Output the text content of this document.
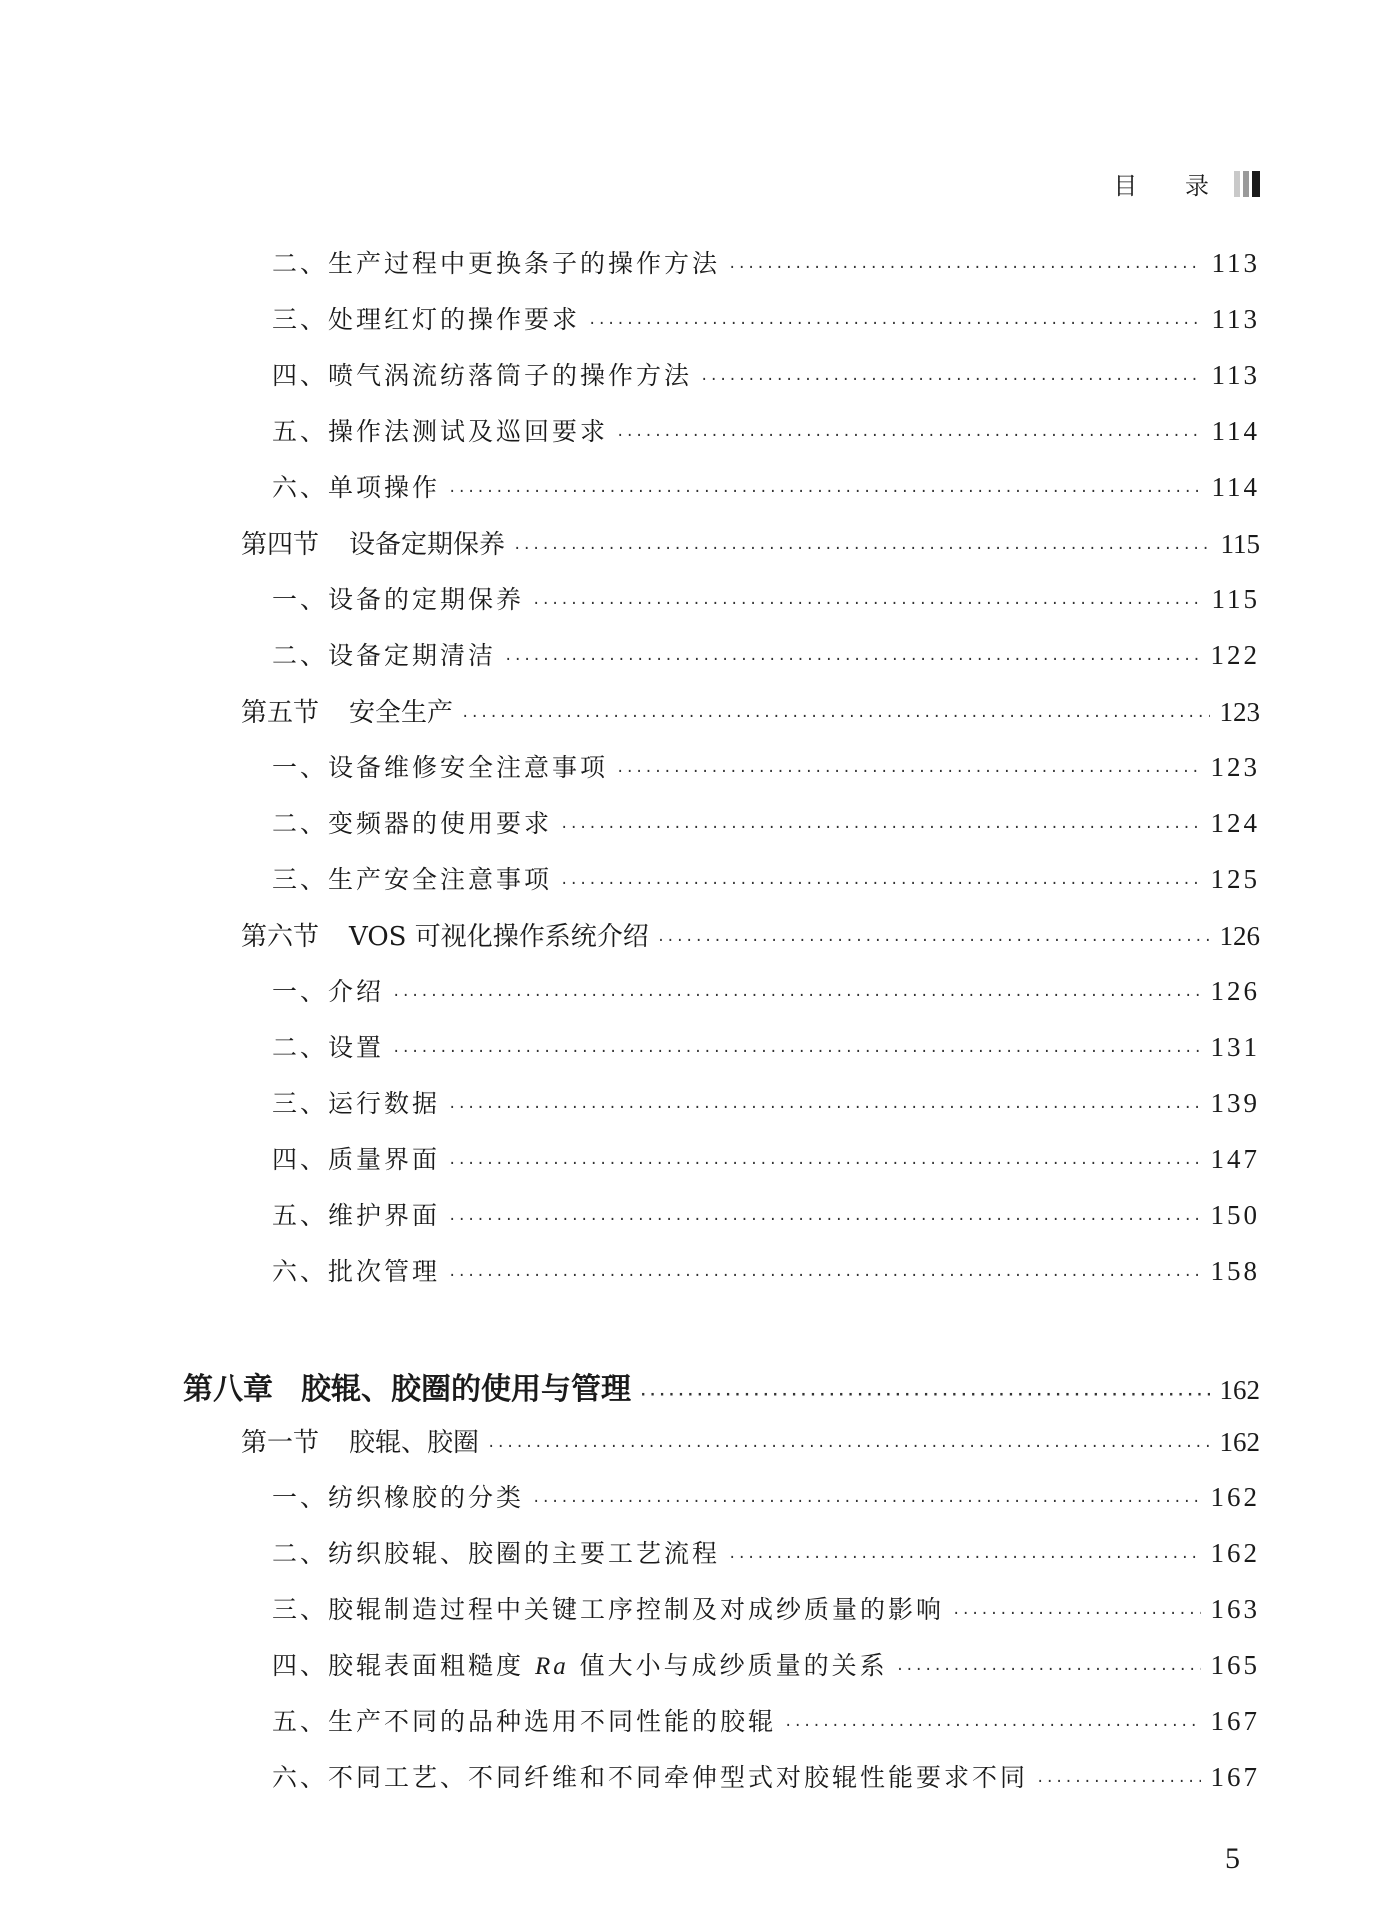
目 录
二、生产过程中更换条子的操作方法 ·····	113
三、处理红灯的操作要求 ·····	113
四、喷气涡流纺落筒子的操作方法 ·····	113
五、操作法测试及巡回要求 ·····	114
六、单项操作 ·····	114
第四节 设备定期保养 ·····	115
一、设备的定期保养 ·····	115
二、设备定期清洁 ·····	122
第五节 安全生产 ·····	123
一、设备维修安全注意事项 ·····	123
二、变频器的使用要求 ·····	124
三、生产安全注意事项 ·····	125
第六节 VOS 可视化操作系统介绍 ·····	126
一、介绍 ·····	126
二、设置 ·····	131
三、运行数据 ·····	139
四、质量界面 ·····	147
五、维护界面 ·····	150
六、批次管理 ·····	158
第八章 胶辊、胶圈的使用与管理 ·····	162
第一节 胶辊、胶圈 ·····	162
一、纺织橡胶的分类 ·····	162
二、纺织胶辊、胶圈的主要工艺流程 ·····	162
三、胶辊制造过程中关键工序控制及对成纱质量的影响 ·····	163
四、胶辊表面粗糙度 Ra 值大小与成纱质量的关系 ·····	165
五、生产不同的品种选用不同性能的胶辊 ·····	167
六、不同工艺、不同纤维和不同牵伸型式对胶辊性能要求不同 ·····	167
5
